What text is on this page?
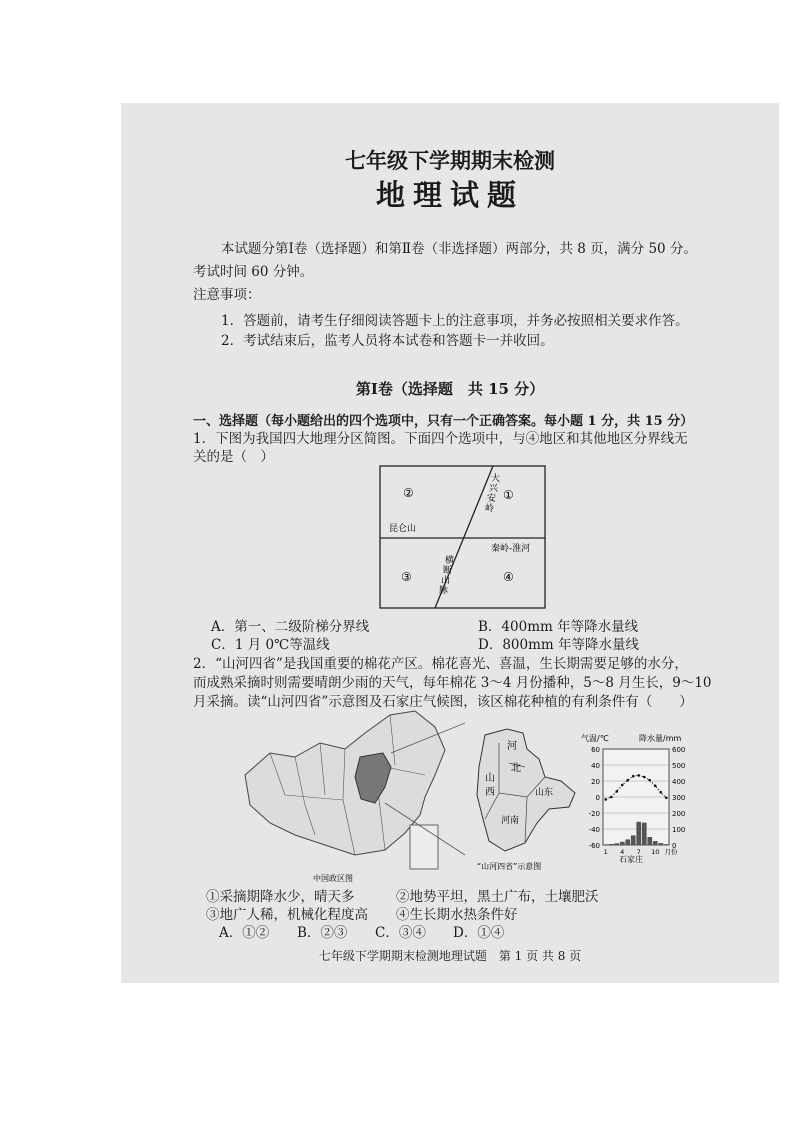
七年级下学期期末检测
地理试题
本试题分第Ⅰ卷（选择题）和第Ⅱ卷（非选择题）两部分，共 8 页，满分 50 分。
考试时间 60 分钟。
注意事项：
1．答题前，请考生仔细阅读答题卡上的注意事项，并务必按照相关要求作答。
2．考试结束后，监考人员将本试卷和答题卡一并收回。
第Ⅰ卷（选择题　共 15 分）
一、选择题（每小题给出的四个选项中，只有一个正确答案。每小题 1 分，共 15 分）
1．下图为我国四大地理分区简图。下面四个选项中，与④地区和其他地区分界线无
关的是（　）
②	①
③	④
大
兴
安
岭
昆仑山
秦岭-淮河
横
断
山
脉
A．第一、二级阶梯分界线	B．400mm 年等降水量线
C．1 月 0℃等温线	D．800mm 年等降水量线
2．“山河四省”是我国重要的棉花产区。棉花喜光、喜温，生长期需要足够的水分，
而成熟采摘时则需要晴朗少雨的天气，每年棉花 3～4 月份播种，5～8 月生长，9～10
月采摘。读“山河四省”示意图及石家庄气候图，该区棉花种植的有利条件有（　　）
中国政区图
河
北
山
西	山东
河南
“山河四省”示意图
气温/℃	降水量/mm
60
40
20
0
-20
-40
-60
600
500
400
300
200
100
0
1 4 7 10 月份
石家庄
①采摘期降水少，晴天多	②地势平坦，黑土广布，土壤肥沃
③地广人稀，机械化程度高 ④生长期水热条件好
A．①② B．②③ C．③④ D．①④
七年级下学期期末检测地理试题　第 1 页 共 8 页
